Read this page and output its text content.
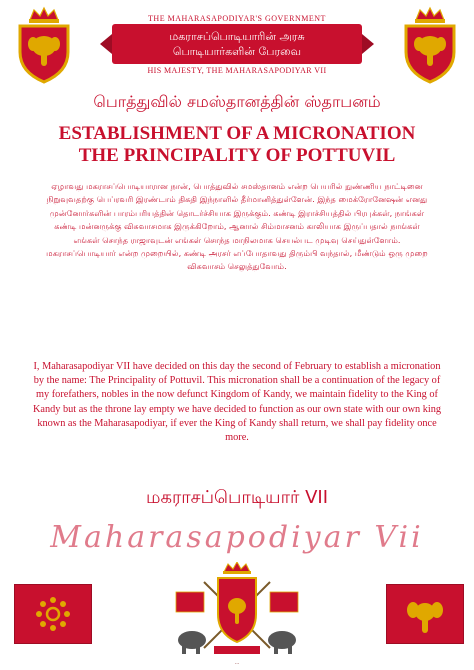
THE MAHARASAPODIYAR'S GOVERNMENT
மகராசப்பொடியாரின் அரசு
பொடியார்களின் பேரவை
HIS MAJESTY, THE MAHARASAPODIYAR VII
பொத்துவில் சமஸ்தானத்தின் ஸ்தாபனம்
ESTABLISHMENT OF A MICRONATION
THE PRINCIPALITY OF POTTUVIL
ஏழாவது மகராசப்பொடியாரான நான், பொத்துவில் சமஸ்தானம் என்ற பெயரில் நுண்ணிய நாட்டினை நிறுவுவதற்கு பெப்ரவரி இரண்டாம் திகதி இந்நாளில் தீர்மானித்துள்ளேன். இந்த மைக்ரோனேஷன் எனது முன்னோர்களின் பாரம்பரியத்தின் தொடர்ச்சியாக இருக்கும். கண்டி இராச்சியத்தில் பிரபுக்கள், நாங்கள் கண்டி மன்னருக்கு விசுவாசமாக இருக்கிறோம், ஆனால் சிம்மாசனம் காலியாக இருப்பதால் நாங்கள் எங்கள் சொந்த ராஜாவுடன் எங்கள் சொந்த மாநிலமாக செயல்பட முடிவு செய்துள்ளோம். மகராசப்பொடியார் என்ற முறையில், கண்டி அரசர் எப்போதாவது திரும்பி வந்தால், மீண்டும் ஒரு முறை விசுவாசம் செலுத்துவோம்.
I, Maharasapodiyar VII have decided on this day the second of February to establish a micronation by the name: The Principality of Pottuvil. This micronation shall be a continuation of the legacy of my forefathers, nobles in the now defunct Kingdom of Kandy, we maintain fidelity to the King of Kandy but as the throne lay empty we have decided to function as our own state with our own king known as the Maharasapodiyar, if ever the King of Kandy shall return, we shall pay fidelity once more.
மகராசப்பொடியார் VII
Maharasapodiyar Vii
...
